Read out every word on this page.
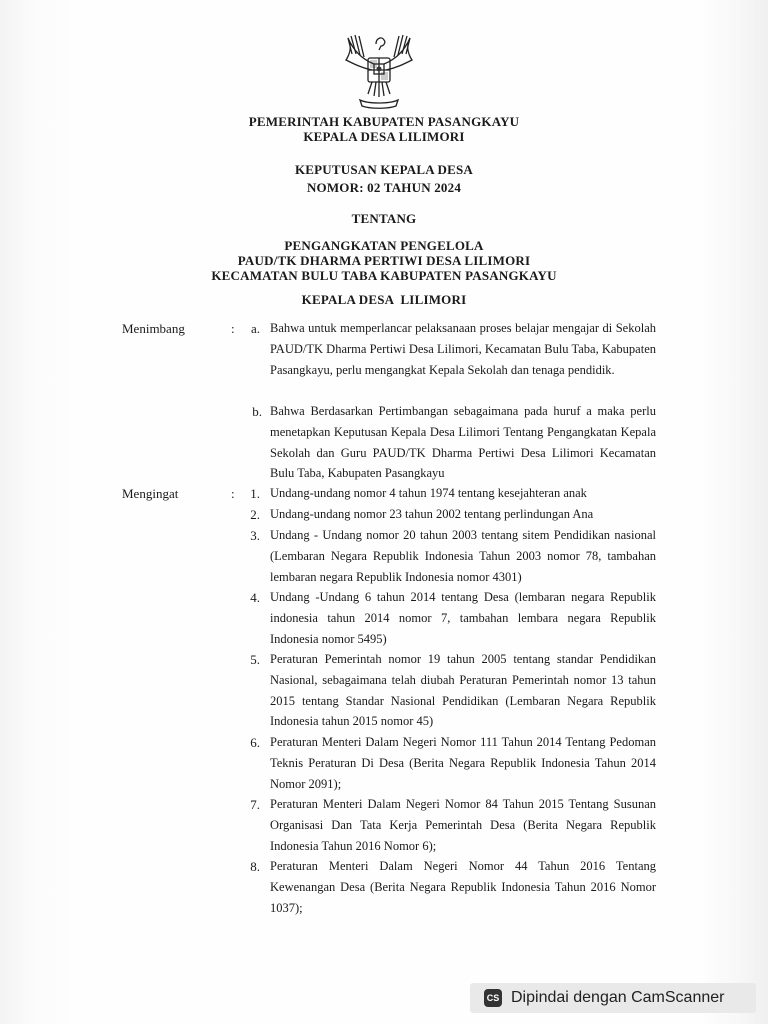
PEMERINTAH KABUPATEN PASANGKAYU
KEPALA DESA LILIMORI
KEPUTUSAN KEPALA DESA
NOMOR: 02 TAHUN 2024
TENTANG
PENGANGKATAN PENGELOLA
PAUD/TK DHARMA PERTIWI DESA LILIMORI
KECAMATAN BULU TABA KABUPATEN PASANGKAYU
KEPALA DESA  LILIMORI
Menimbang	:	a. Bahwa untuk memperlancar pelaksanaan proses belajar mengajar di Sekolah PAUD/TK Dharma Pertiwi Desa Lilimori, Kecamatan Bulu Taba, Kabupaten Pasangkayu, perlu mengangkat Kepala Sekolah dan tenaga pendidik.
b. Bahwa Berdasarkan Pertimbangan sebagaimana pada huruf a maka perlu menetapkan Keputusan Kepala Desa Lilimori Tentang Pengangkatan Kepala Sekolah dan Guru PAUD/TK Dharma Pertiwi Desa Lilimori Kecamatan Bulu Taba, Kabupaten Pasangkayu
Mengingat	:	1. Undang-undang nomor 4 tahun 1974 tentang kesejahteran anak
2. Undang-undang nomor 23 tahun 2002 tentang perlindungan Ana
3. Undang - Undang nomor 20 tahun 2003 tentang sitem Pendidikan nasional (Lembaran Negara Republik Indonesia Tahun 2003 nomor 78, tambahan lembaran negara Republik Indonesia nomor 4301)
4. Undang -Undang 6 tahun 2014 tentang Desa (lembaran negara Republik indonesia tahun 2014 nomor 7, tambahan lembara negara Republik Indonesia nomor 5495)
5. Peraturan Pemerintah nomor 19 tahun 2005 tentang standar Pendidikan Nasional, sebagaimana telah diubah Peraturan Pemerintah nomor 13 tahun 2015 tentang Standar Nasional Pendidikan (Lembaran Negara Republik Indonesia tahun 2015 nomor 45)
6. Peraturan Menteri Dalam Negeri Nomor 111 Tahun 2014 Tentang Pedoman Teknis Peraturan Di Desa (Berita Negara Republik Indonesia Tahun 2014 Nomor 2091);
7. Peraturan Menteri Dalam Negeri Nomor 84 Tahun 2015 Tentang Susunan Organisasi Dan Tata Kerja Pemerintah Desa (Berita Negara Republik Indonesia Tahun 2016 Nomor 6);
8. Peraturan Menteri Dalam Negeri Nomor 44 Tahun 2016 Tentang Kewenangan Desa (Berita Negara Republik Indonesia Tahun 2016 Nomor 1037);
CS Dipindai dengan CamScanner
